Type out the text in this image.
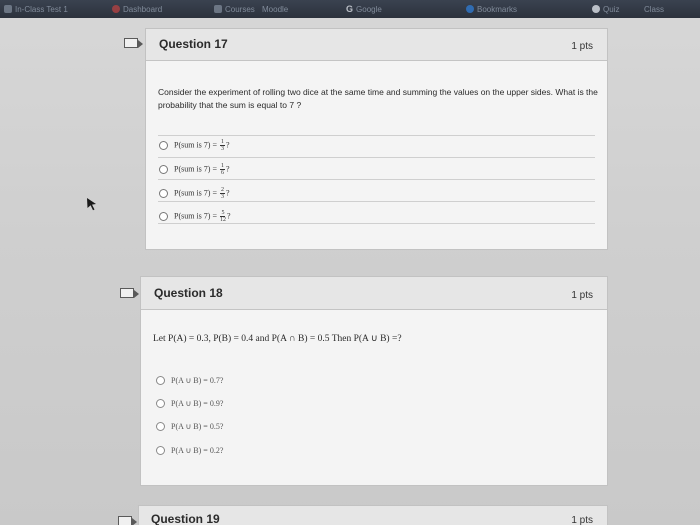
In-Class Test 1	Dashboard	Courses Moodle	G Google	Bookmarks	Quiz	Class
Question 17	1 pts
Consider the experiment of rolling two dice at the same time and summing the values on the upper sides. What is the probability that the sum is equal to 7 ?
P(sum is $7) = \frac{1}{3}$ ?
P(sum is $7) = \frac{1}{6}$ ?
P(sum is $7) = \frac{2}{3}$ ?
P(sum is $7) = \frac{5}{12}$ ?
Question 18	1 pts
Let P(A) = 0.3, P(B) = 0.4 and P(A ∩ B) = 0.5 Then P(A ∪ B) =?
P(A ∪ B) = 0.7?
P(A ∪ B) = 0.9?
P(A ∪ B) = 0.5?
P(A ∪ B) = 0.2?
Question 19	1 pts
